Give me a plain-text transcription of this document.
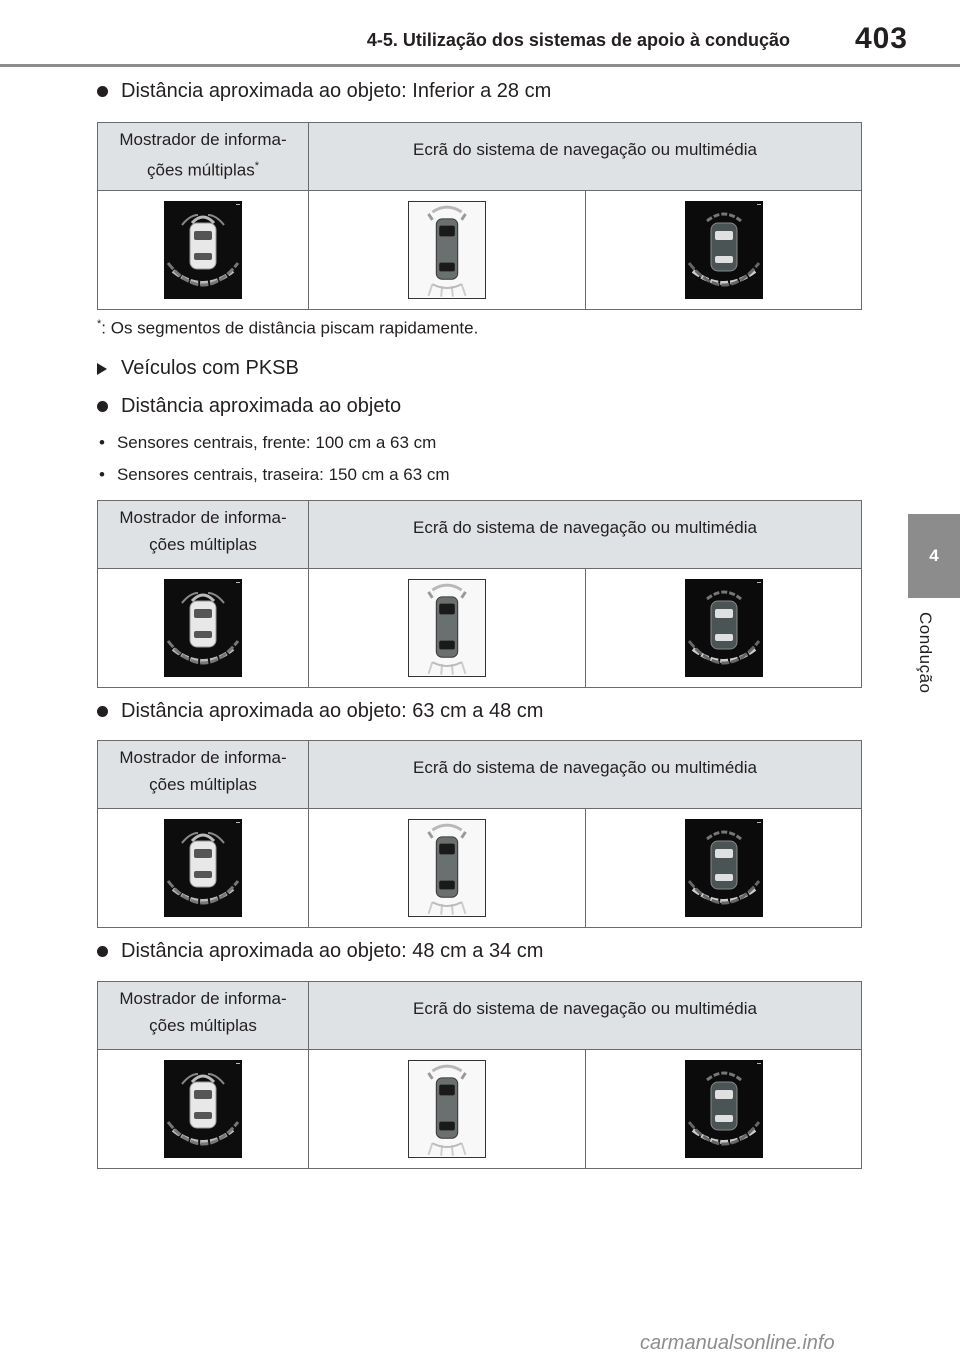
4-5. Utilização dos sistemas de apoio à condução	403
4
Condução
Distância aproximada ao objeto: Inferior a 28 cm
Mostrador de informa-
ções múltiplas*
Ecrã do sistema de navegação ou multimédia
*: Os segmentos de distância piscam rapidamente.
Veículos com PKSB
Distância aproximada ao objeto
• Sensores centrais, frente: 100 cm a 63 cm
• Sensores centrais, traseira: 150 cm a 63 cm
Mostrador de informa-
ções múltiplas
Ecrã do sistema de navegação ou multimédia
Distância aproximada ao objeto: 63 cm a 48 cm
Mostrador de informa-
ções múltiplas
Ecrã do sistema de navegação ou multimédia
Distância aproximada ao objeto: 48 cm a 34 cm
Mostrador de informa-
ções múltiplas
Ecrã do sistema de navegação ou multimédia
carmanualsonline.info
